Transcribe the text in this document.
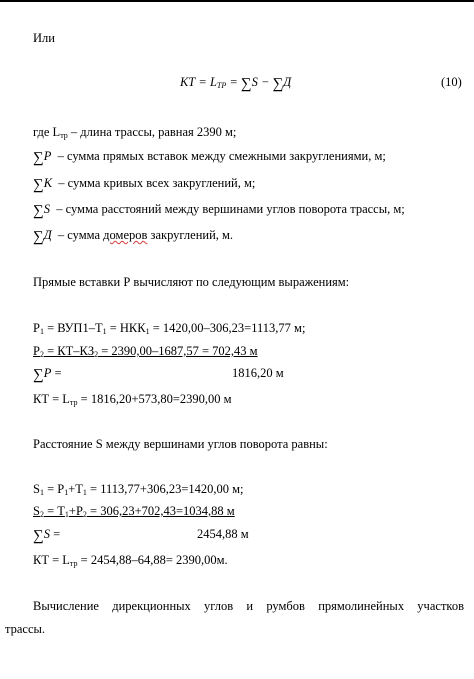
Или
КТ = $L_{ТР} = \sum S - \sum Д$	(10)
где $L_{тр}$ – длина трассы, равная 2390 м;
∑Р – сумма прямых вставок между смежными закруглениями, м;
∑К – сумма кривых всех закруглений, м;
∑S – сумма расстояний между вершинами углов поворота трассы, м;
∑Д – сумма домеров закруглений, м.
Прямые вставки Р вычисляют по следующим выражениям:
$Р_1 = ВУП1-Т_1 = НКК_1 = 1420,00-306,23=1113,77$ м;
$Р_2 = КТ-КЗ_2 = 2390,00-1687,57 = 702,43$ м
∑Р =	1816,20 м
КТ = $L_{тр} = 1816,20+573,80=2390,00$ м
Расстояние S между вершинами углов поворота равны:
$S_1 = Р_1+Т_1 = 1113,77+306,23=1420,00$ м;
$S_2 = Т_1+Р_2 = 306,23+702,43=1034,88$ м
∑S =	2454,88 м
КТ = $L_{тр} = 2454,88-64,88= 2390,00м$.
Вычисление дирекционных углов и румбов прямолинейных участков
трассы.
